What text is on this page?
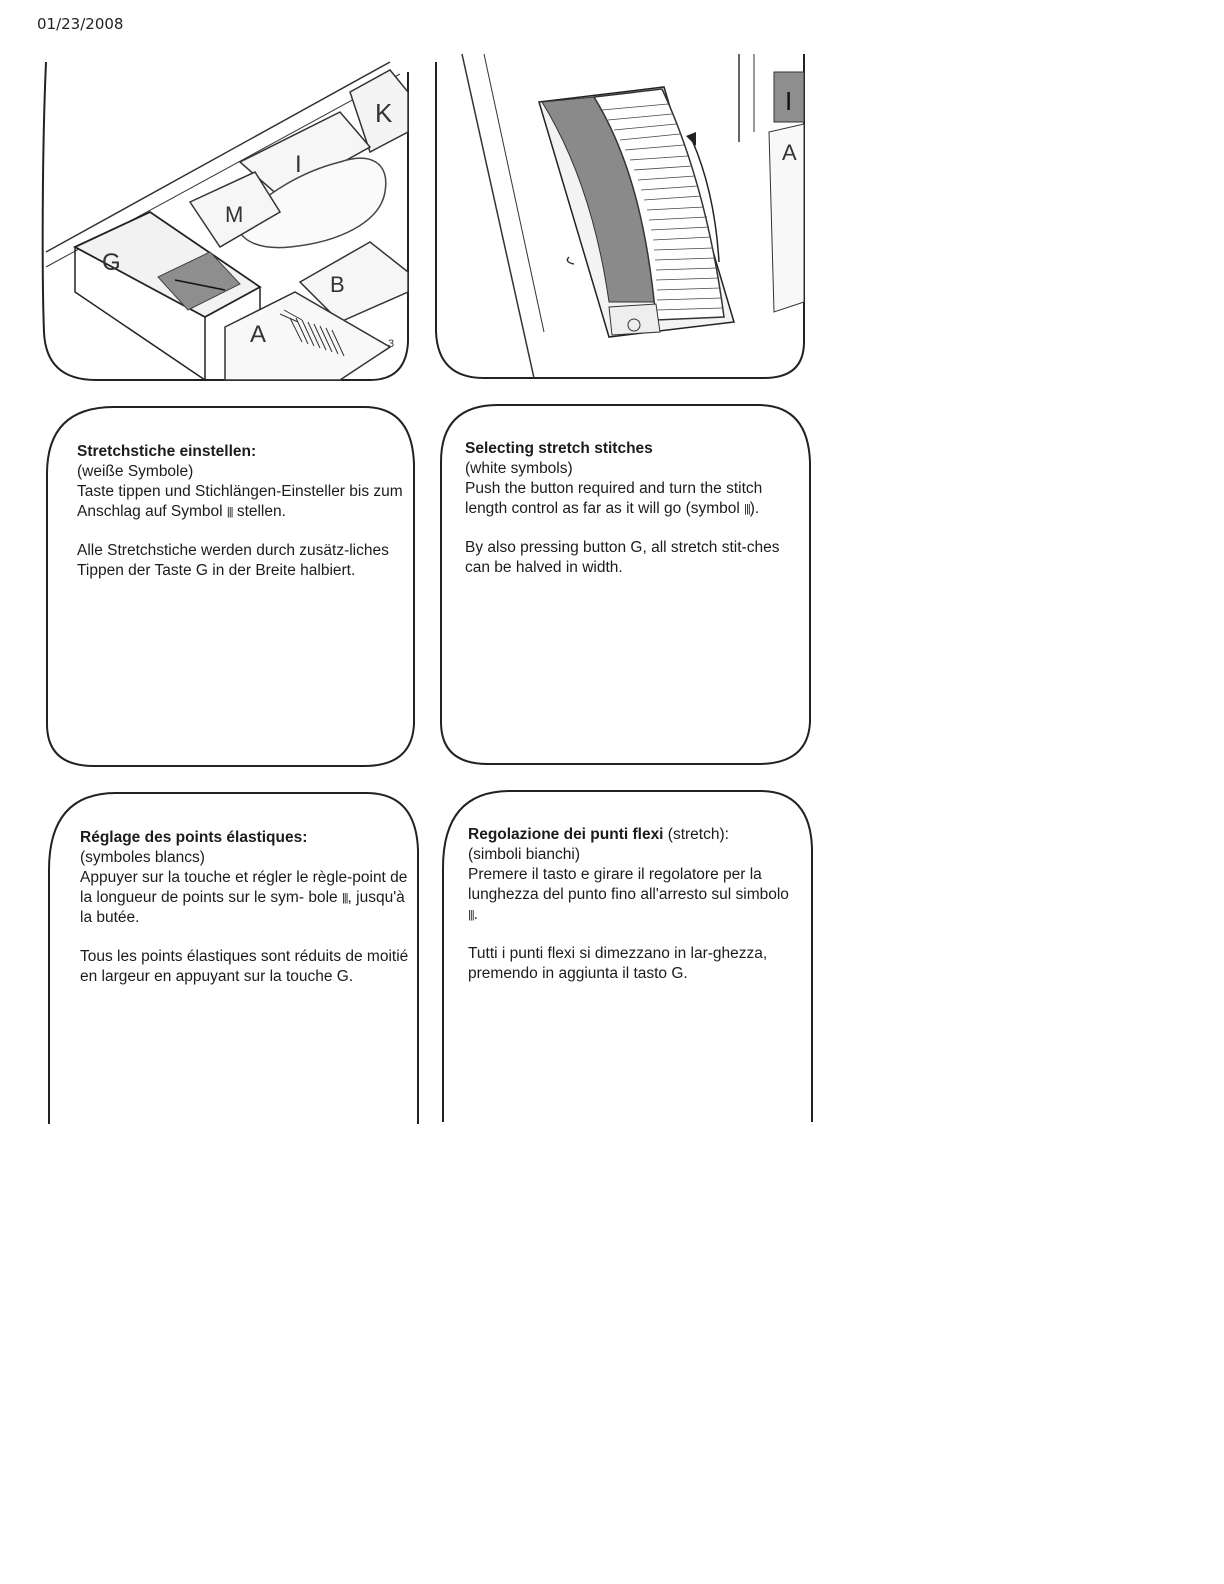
01/23/2008
K
I
M
G
B
A	3
I
A

Stretchstiche einstellen:

(weiße Symbole)

Taste tippen und Stichlängen-Einsteller bis zum Anschlag auf Symbol ||| stellen.

Alle Stretchstiche werden durch zusätz-liches Tippen der Taste G in der Breite halbiert.

Selecting stretch stitches

(white symbols)

Push the button required and turn the stitch length control as far as it will go (symbol |||).

By also pressing button G, all stretch stit-ches can be halved in width.

Réglage des points élastiques:

(symboles blancs)

Appuyer sur la touche et régler le règle-point de la longueur de points sur le sym- bole |||, jusqu'à la butée.

Tous les points élastiques sont réduits de moitié en largeur en appuyant sur la touche G.

Regolazione dei punti flexi (stretch):

(simboli bianchi)

Premere il tasto e girare il regolatore per la lunghezza del punto fino all'arresto sul simbolo |||.

Tutti i punti flexi si dimezzano in lar-ghezza, premendo in aggiunta il tasto G.
